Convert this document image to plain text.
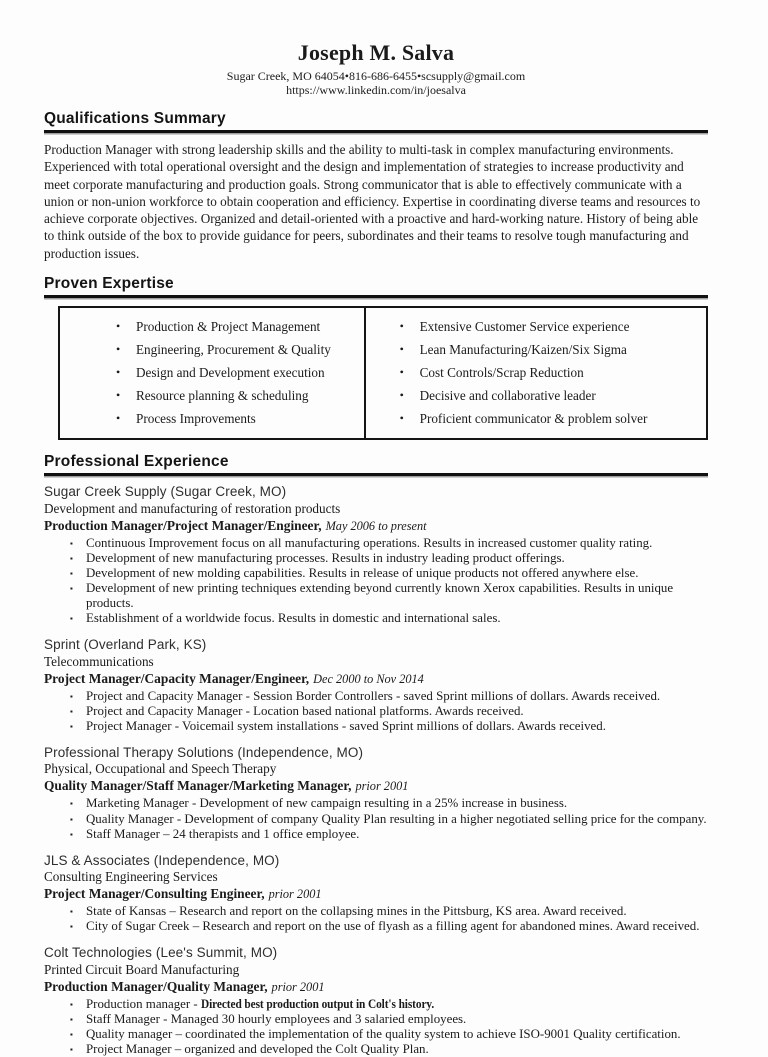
Joseph M. Salva
Sugar Creek, MO 64054•816-686-6455•scsupply@gmail.com
https://www.linkedin.com/in/joesalva
Qualifications Summary

Production Manager with strong leadership skills and the ability to multi-task in complex manufacturing environments. Experienced with total operational oversight and the design and implementation of strategies to increase productivity and meet corporate manufacturing and production goals. Strong communicator that is able to effectively communicate with a union or non-union workforce to obtain cooperation and efficiency. Expertise in coordinating diverse teams and resources to achieve corporate objectives. Organized and detail-oriented with a proactive and hard-working nature. History of being able to think outside of the box to provide guidance for peers, subordinates and their teams to resolve tough manufacturing and production issues.

Proven Expertise
•	Production & Project Management
•	Engineering, Procurement & Quality
•	Design and Development execution
•	Resource planning & scheduling
•	Process Improvements
•	Extensive Customer Service experience
•	Lean Manufacturing/Kaizen/Six Sigma
•	Cost Controls/Scrap Reduction
•	Decisive and collaborative leader
•	Proficient communicator & problem solver
Professional Experience
Sugar Creek Supply (Sugar Creek, MO)
Development and manufacturing of restoration products
Production Manager/Project Manager/Engineer, May 2006 to present
▪	Continuous Improvement focus on all manufacturing operations. Results in increased customer quality rating.
▪	Development of new manufacturing processes. Results in industry leading product offerings.
▪	Development of new molding capabilities. Results in release of unique products not offered anywhere else.
▪	Development of new printing techniques extending beyond currently known Xerox capabilities. Results in unique products.
▪	Establishment of a worldwide focus. Results in domestic and international sales.
Sprint (Overland Park, KS)
Telecommunications
Project Manager/Capacity Manager/Engineer, Dec 2000 to Nov 2014
▪	Project and Capacity Manager - Session Border Controllers - saved Sprint millions of dollars. Awards received.
▪	Project and Capacity Manager - Location based national platforms. Awards received.
▪	Project Manager - Voicemail system installations - saved Sprint millions of dollars. Awards received.
Professional Therapy Solutions (Independence, MO)
Physical, Occupational and Speech Therapy
Quality Manager/Staff Manager/Marketing Manager, prior 2001
▪	Marketing Manager - Development of new campaign resulting in a 25% increase in business.
▪	Quality Manager - Development of company Quality Plan resulting in a higher negotiated selling price for the company.
▪	Staff Manager – 24 therapists and 1 office employee.
JLS & Associates (Independence, MO)
Consulting Engineering Services
Project Manager/Consulting Engineer, prior 2001
▪	State of Kansas – Research and report on the collapsing mines in the Pittsburg, KS area. Award received.
▪	City of Sugar Creek – Research and report on the use of flyash as a filling agent for abandoned mines. Award received.
Colt Technologies (Lee's Summit, MO)
Printed Circuit Board Manufacturing
Production Manager/Quality Manager, prior 2001
▪	Production manager - Directed best production output in Colt's history.
▪	Staff Manager - Managed 30 hourly employees and 3 salaried employees.
▪	Quality manager – coordinated the implementation of the quality system to achieve ISO-9001 Quality certification.
▪	Project Manager – organized and developed the Colt Quality Plan.
